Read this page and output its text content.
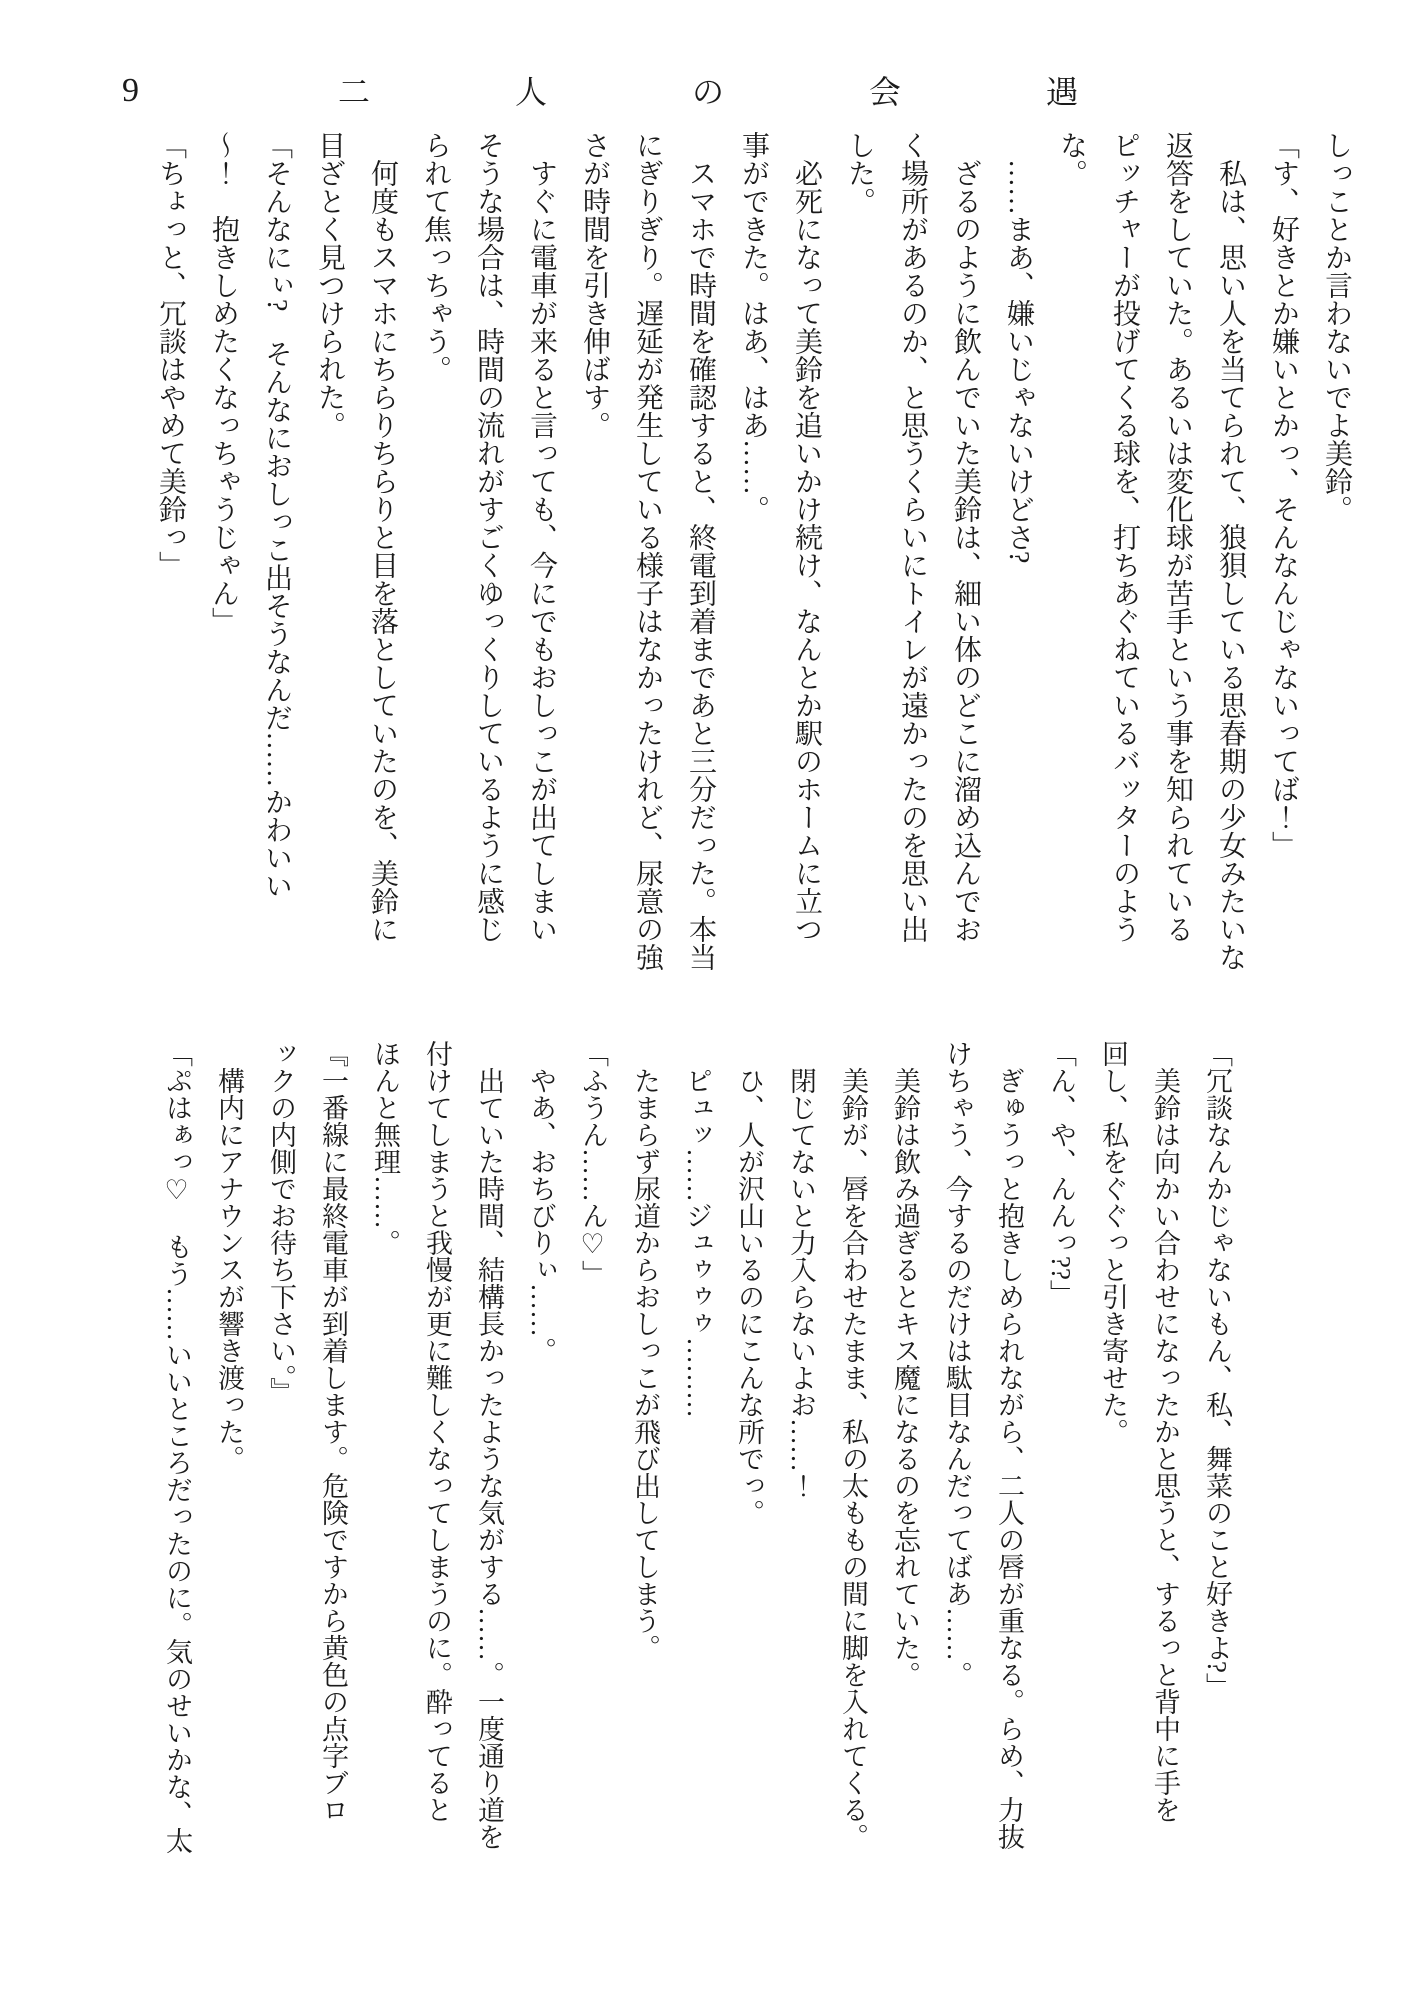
9	二人の会遇

しっことか言わないでよ美鈴。

「す、好きとか嫌いとかっ、そんなんじゃないってば！」

　私は、思い人を当てられて、狼狽している思春期の少女みたいな

返答をしていた。あるいは変化球が苦手という事を知られている

ピッチャーが投げてくる球を、打ちあぐねているバッターのよう

な。

　……まあ、嫌いじゃないけどさ?

　ざるのように飲んでいた美鈴は、細い体のどこに溜め込んでお

く場所があるのか、と思うくらいにトイレが遠かったのを思い出

した。

　必死になって美鈴を追いかけ続け、なんとか駅のホームに立つ

事ができた。はあ、はあ……。

　スマホで時間を確認すると、終電到着まであと三分だった。本当

にぎりぎり。遅延が発生している様子はなかったけれど、尿意の強

さが時間を引き伸ばす。

　すぐに電車が来ると言っても、今にでもおしっこが出てしまい

そうな場合は、時間の流れがすごくゆっくりしているように感じ

られて焦っちゃう。

　何度もスマホにちらりちらりと目を落としていたのを、美鈴に

目ざとく見つけられた。

「そんなにぃ?　そんなにおしっこ出そうなんだ……かわいい

～！　抱きしめたくなっちゃうじゃん」

「ちょっと、冗談はやめて美鈴っ」

「冗談なんかじゃないもん、私、舞菜のこと好きよ?」

　美鈴は向かい合わせになったかと思うと、するっと背中に手を

回し、私をぐぐっと引き寄せた。

「ん、や、んんっ??」

　ぎゅうっと抱きしめられながら、二人の唇が重なる。らめ、力抜

けちゃう、今するのだけは駄目なんだってばあ……。

　美鈴は飲み過ぎるとキス魔になるのを忘れていた。

　美鈴が、唇を合わせたまま、私の太ももの間に脚を入れてくる。

　閉じてないと力入らないよお……！

　ひ、人が沢山いるのにこんな所でっ。

　ピュッ……ジュゥゥゥ………

　たまらず尿道からおしっこが飛び出してしまう。

「ふうん……ん♡」

　やあ、おちびりぃ……。

　出ていた時間、結構長かったような気がする……。一度通り道を

付けてしまうと我慢が更に難しくなってしまうのに。酔ってると

ほんと無理……。

『一番線に最終電車が到着します。危険ですから黄色の点字ブロ

ックの内側でお待ち下さい。』

　構内にアナウンスが響き渡った。

「ぷはぁっ♡　もう……いいところだったのに。気のせいかな、太
